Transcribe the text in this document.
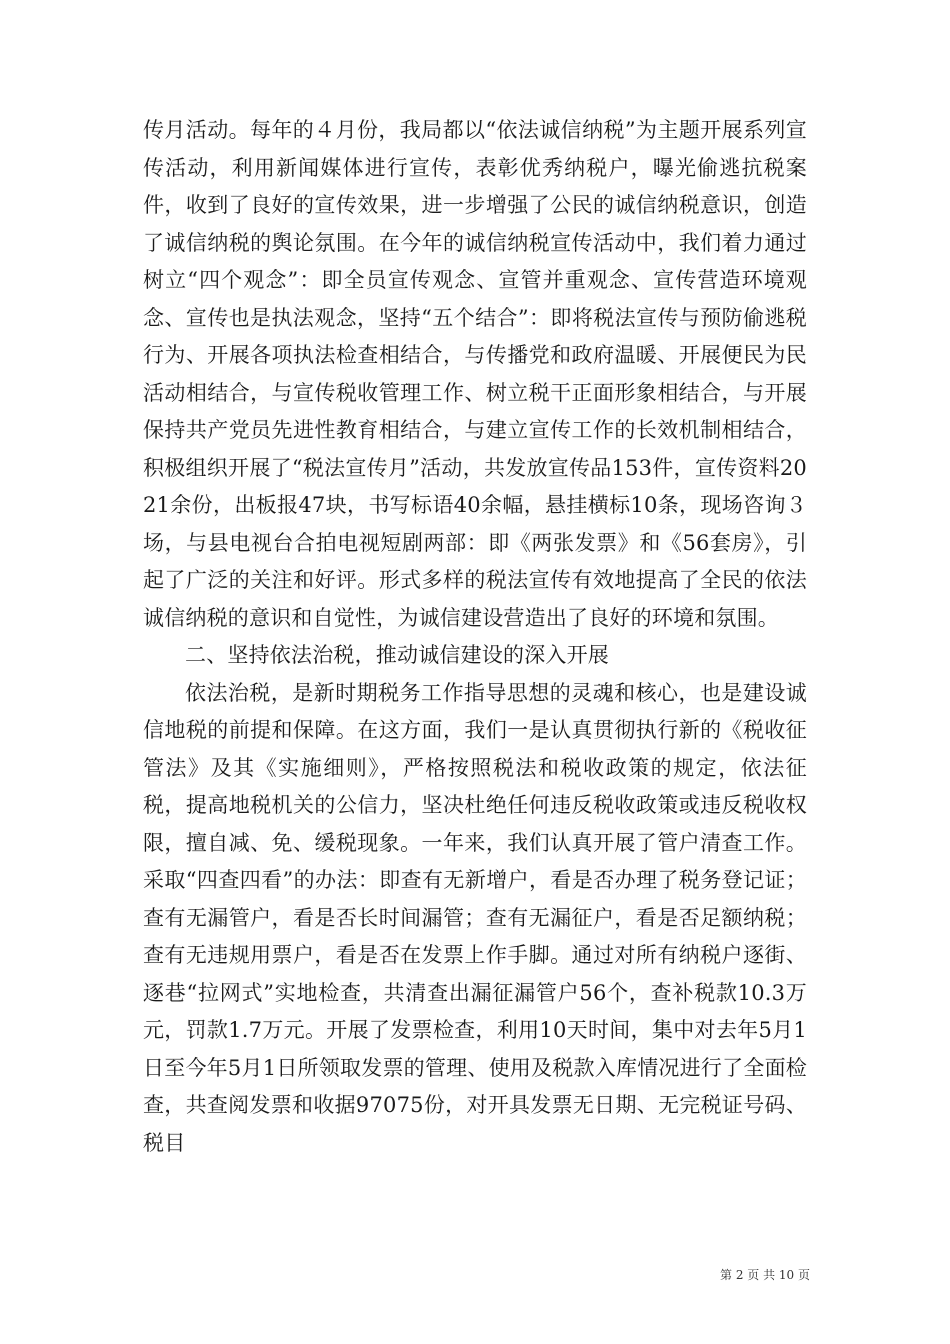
传月活动。每年的４月份，我局都以“依法诚信纳税”为主题开展系列宣传活动，利用新闻媒体进行宣传，表彰优秀纳税户，曝光偷逃抗税案件，收到了良好的宣传效果，进一步增强了公民的诚信纳税意识，创造了诚信纳税的舆论氛围。在今年的诚信纳税宣传活动中，我们着力通过树立“四个观念”：即全员宣传观念、宣管并重观念、宣传营造环境观念、宣传也是执法观念，坚持“五个结合”：即将税法宣传与预防偷逃税行为、开展各项执法检查相结合，与传播党和政府温暖、开展便民为民活动相结合，与宣传税收管理工作、树立税干正面形象相结合，与开展保持共产党员先进性教育相结合，与建立宣传工作的长效机制相结合，积极组织开展了“税法宣传月”活动，共发放宣传品153件，宣传资料2021余份，出板报47块，书写标语40余幅，悬挂横标10条，现场咨询３场，与县电视台合拍电视短剧两部：即《两张发票》和《56套房》，引起了广泛的关注和好评。形式多样的税法宣传有效地提高了全民的依法诚信纳税的意识和自觉性，为诚信建设营造出了良好的环境和氛围。

二、坚持依法治税，推动诚信建设的深入开展

依法治税，是新时期税务工作指导思想的灵魂和核心，也是建设诚信地税的前提和保障。在这方面，我们一是认真贯彻执行新的《税收征管法》及其《实施细则》，严格按照税法和税收政策的规定，依法征税，提高地税机关的公信力，坚决杜绝任何违反税收政策或违反税收权限，擅自减、免、缓税现象。一年来，我们认真开展了管户清查工作。采取“四查四看”的办法：即查有无新增户，看是否办理了税务登记证；查有无漏管户，看是否长时间漏管；查有无漏征户，看是否足额纳税；查有无违规用票户，看是否在发票上作手脚。通过对所有纳税户逐街、逐巷“拉网式”实地检查，共清查出漏征漏管户56个，查补税款10.3万元，罚款1.7万元。开展了发票检查，利用10天时间，集中对去年5月1日至今年5月1日所领取发票的管理、使用及税款入库情况进行了全面检查，共查阅发票和收据97075份，对开具发票无日期、无完税证号码、税目

第 2 页 共 10 页
